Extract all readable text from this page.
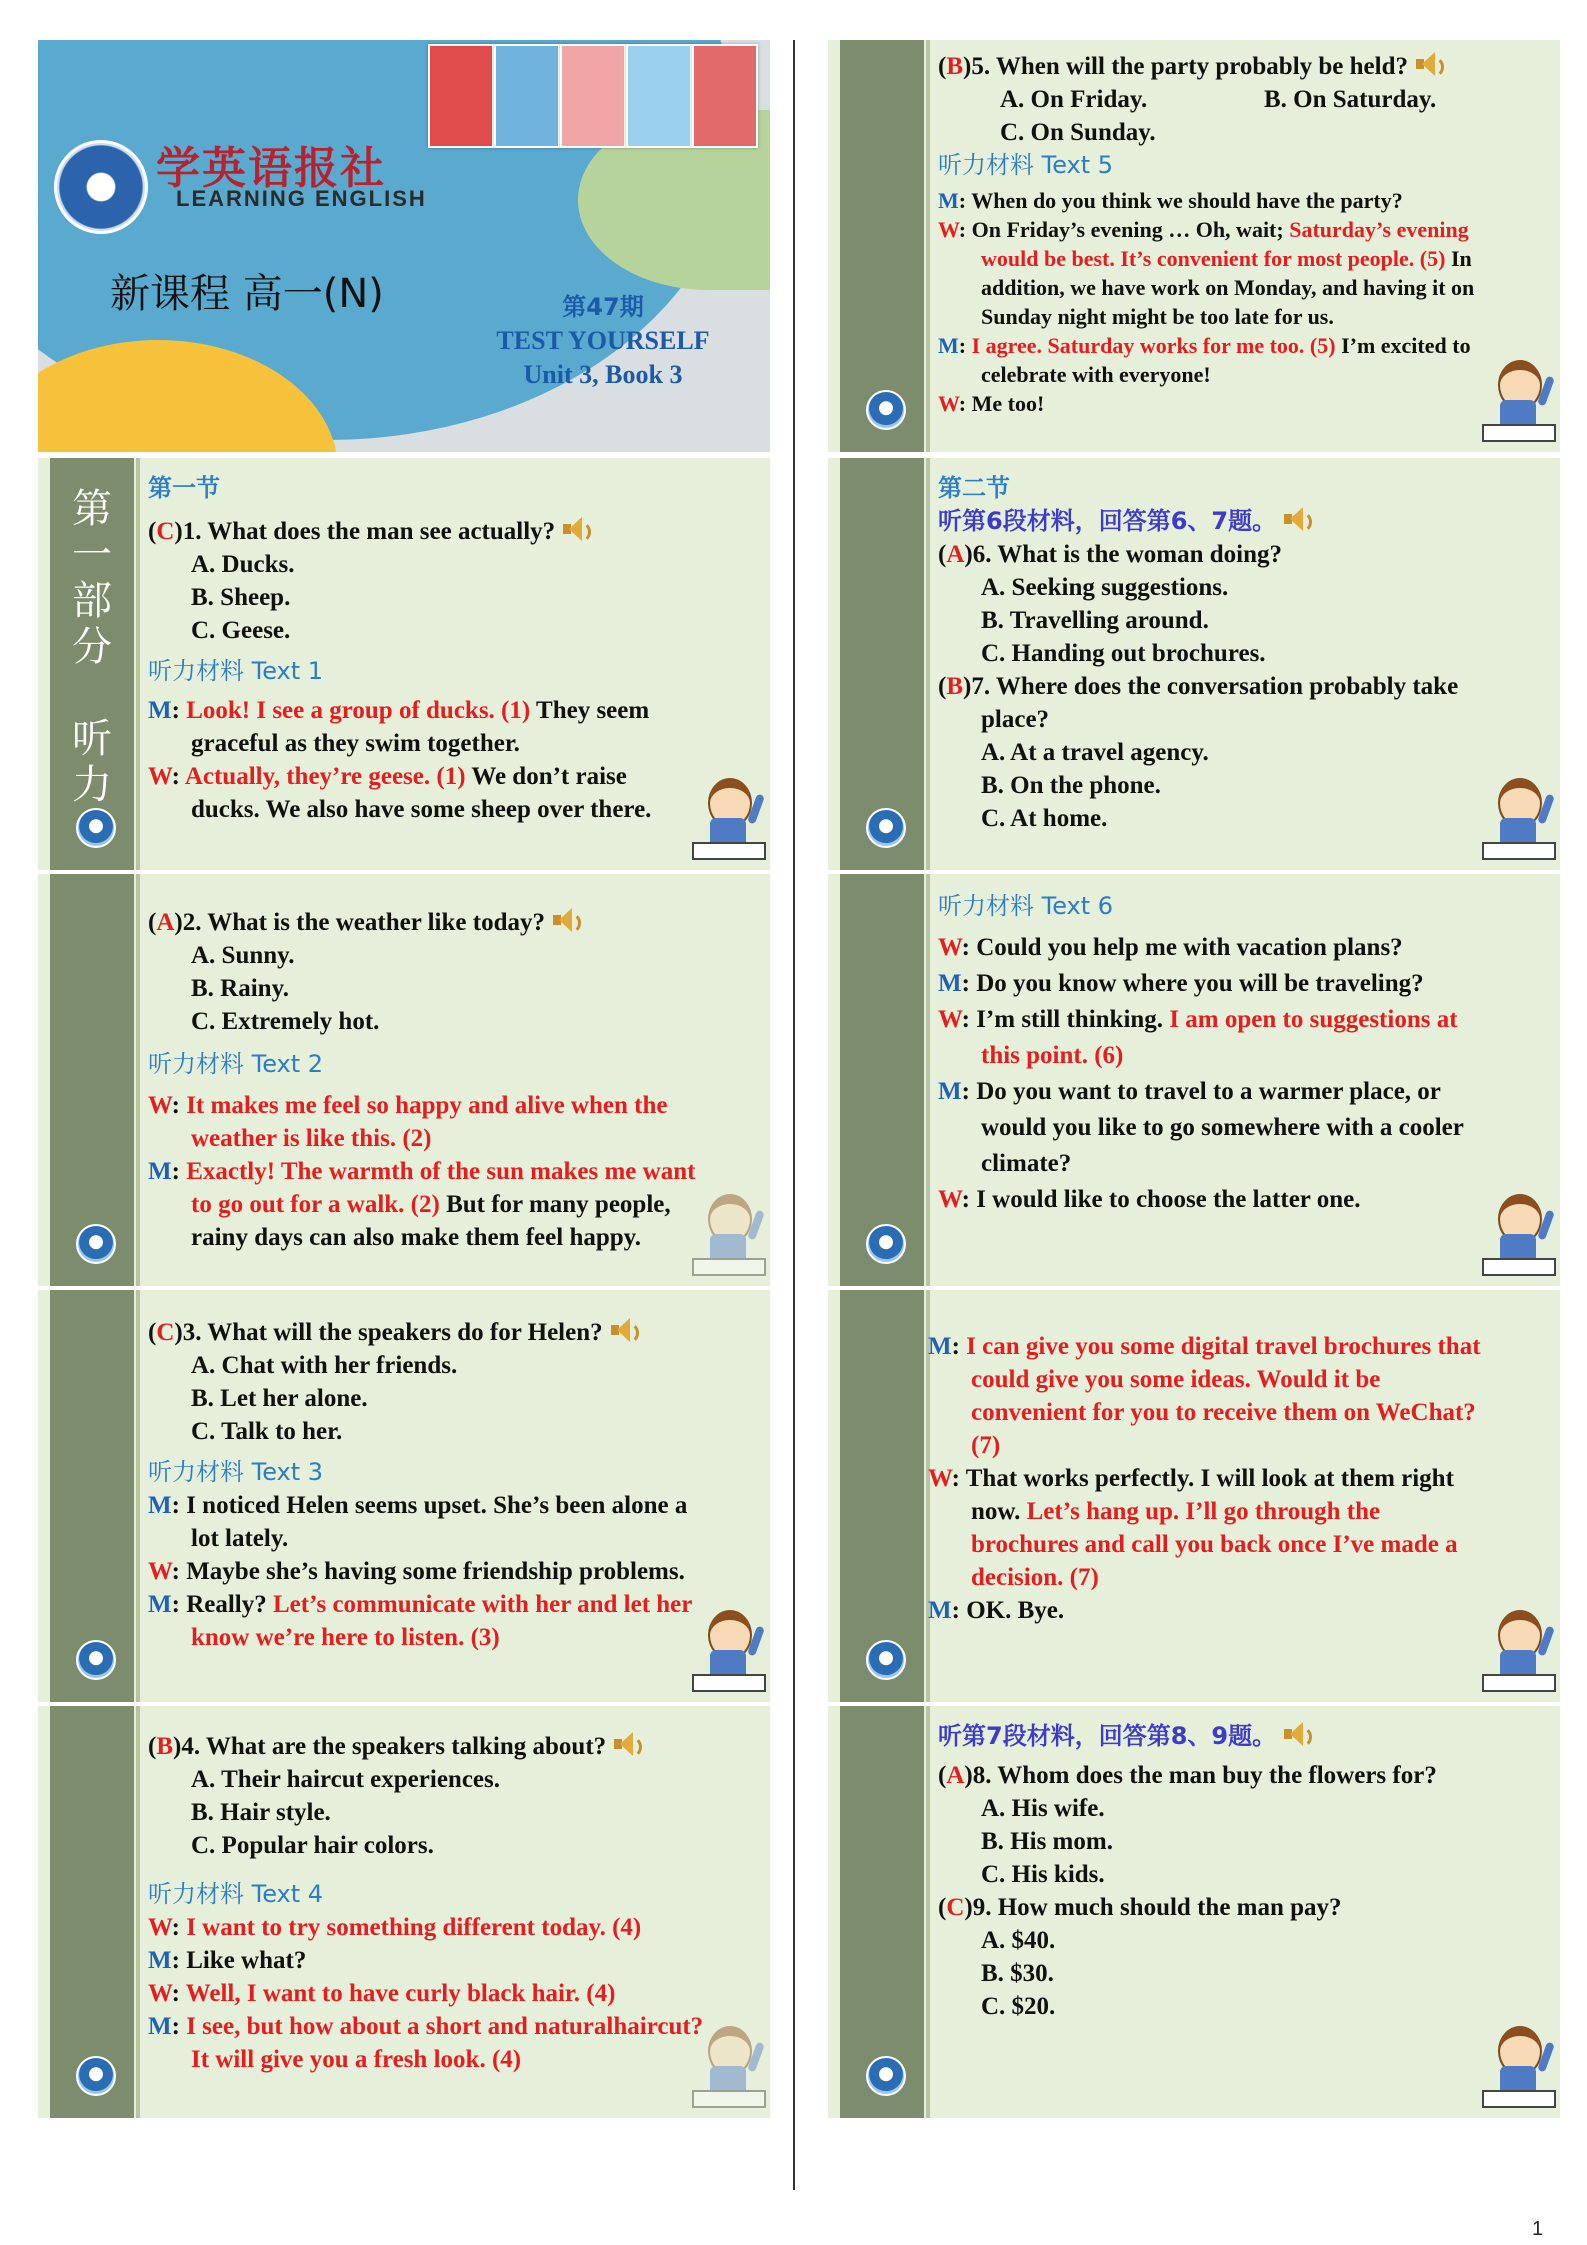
学英语报社
LEARNING ENGLISH
新课程 高一(N)	第47期
TEST YOURSELF
Unit 3, Book 3
第
一
部
分

听
力
第一节
(C)1. What does the man see actually?
A. Ducks.
B. Sheep.
C. Geese.
听力材料 Text 1
M: Look! I see a group of ducks. (1) They seem
graceful as they swim together.
W: Actually, they’re geese. (1) We don’t raise
ducks. We also have some sheep over there.
(A)2. What is the weather like today?
A. Sunny.
B. Rainy.
C. Extremely hot.
听力材料 Text 2
W: It makes me feel so happy and alive when the
weather is like this. (2)
M: Exactly! The warmth of the sun makes me want
to go out for a walk. (2) But for many people,
rainy days can also make them feel happy.
(C)3. What will the speakers do for Helen?
A. Chat with her friends.
B. Let her alone.
C. Talk to her.
听力材料 Text 3
M: I noticed Helen seems upset. She’s been alone a
lot lately.
W: Maybe she’s having some friendship problems.
M: Really? Let’s communicate with her and let her
know we’re here to listen. (3)
(B)4. What are the speakers talking about?
A. Their haircut experiences.
B. Hair style.
C. Popular hair colors.
听力材料 Text 4
W: I want to try something different today. (4)
M: Like what?
W: Well, I want to have curly black hair. (4)
M: I see, but how about a short and naturalhaircut?
It will give you a fresh look. (4)
(B)5. When will the party probably be held?
A. On Friday.	B. On Saturday.
C. On Sunday.
听力材料 Text 5
M: When do you think we should have the party?
W: On Friday’s evening … Oh, wait; Saturday’s evening
would be best. It’s convenient for most people. (5) In
addition, we have work on Monday, and having it on
Sunday night might be too late for us.
M: I agree. Saturday works for me too. (5) I’m excited to
celebrate with everyone!
W: Me too!
第二节
听第6段材料，回答第6、7题。
(A)6. What is the woman doing?
A. Seeking suggestions.
B. Travelling around.
C. Handing out brochures.
(B)7. Where does the conversation probably take
place?
A. At a travel agency.
B. On the phone.
C. At home.
听力材料 Text 6
W: Could you help me with vacation plans?
M: Do you know where you will be traveling?
W: I’m still thinking. I am open to suggestions at
this point. (6)
M: Do you want to travel to a warmer place, or
would you like to go somewhere with a cooler
climate?
W: I would like to choose the latter one.
M: I can give you some digital travel brochures that
could give you some ideas. Would it be
convenient for you to receive them on WeChat?
(7)
W: That works perfectly. I will look at them right
now. Let’s hang up. I’ll go through the
brochures and call you back once I’ve made a
decision. (7)
M: OK. Bye.
听第7段材料，回答第8、9题。
(A)8. Whom does the man buy the flowers for?
A. His wife.
B. His mom.
C. His kids.
(C)9. How much should the man pay?
A. $40.
B. $30.
C. $20.
1
